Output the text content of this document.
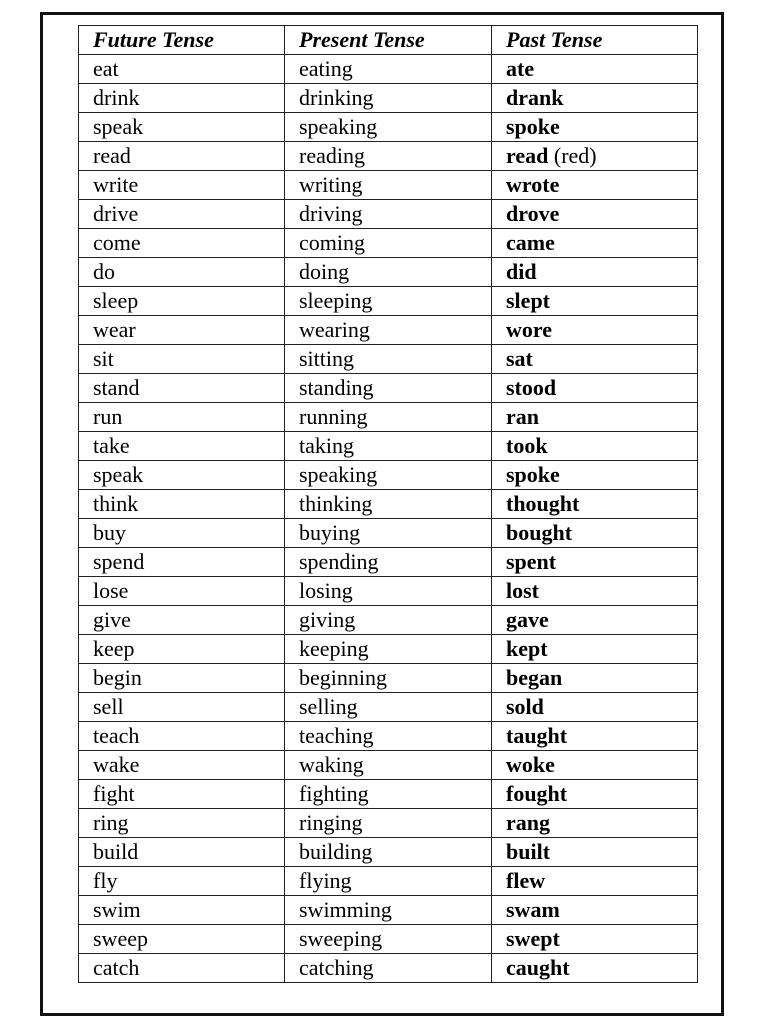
Future Tense	Present Tense	Past Tense
eat	eating	ate
drink	drinking	drank
speak	speaking	spoke
read	reading	read (red)
write	writing	wrote
drive	driving	drove
come	coming	came
do	doing	did
sleep	sleeping	slept
wear	wearing	wore
sit	sitting	sat
stand	standing	stood
run	running	ran
take	taking	took
speak	speaking	spoke
think	thinking	thought
buy	buying	bought
spend	spending	spent
lose	losing	lost
give	giving	gave
keep	keeping	kept
begin	beginning	began
sell	selling	sold
teach	teaching	taught
wake	waking	woke
fight	fighting	fought
ring	ringing	rang
build	building	built
fly	flying	flew
swim	swimming	swam
sweep	sweeping	swept
catch	catching	caught
